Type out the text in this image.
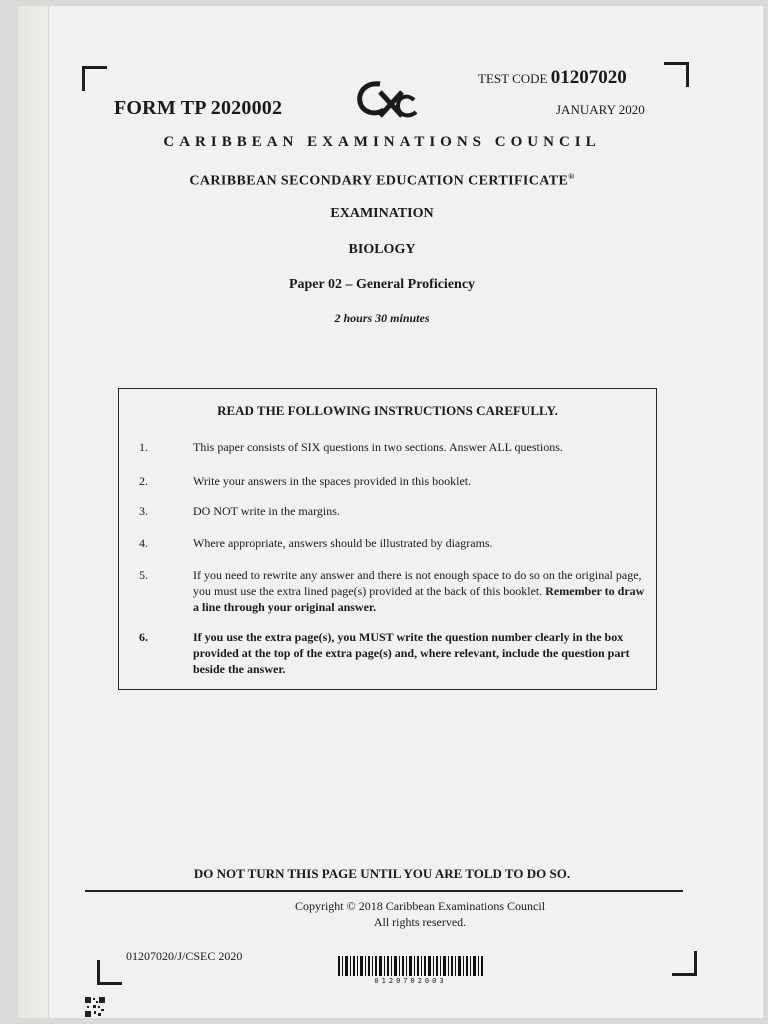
FORM TP 2020002
TEST CODE 01207020
JANUARY 2020
CARIBBEAN EXAMINATIONS COUNCIL
CARIBBEAN SECONDARY EDUCATION CERTIFICATE®
EXAMINATION
BIOLOGY
Paper 02 – General Proficiency
2 hours 30 minutes
READ THE FOLLOWING INSTRUCTIONS CAREFULLY.
1.	This paper consists of SIX questions in two sections. Answer ALL questions.
2.	Write your answers in the spaces provided in this booklet.
3.	DO NOT write in the margins.
4.	Where appropriate, answers should be illustrated by diagrams.
5.	If you need to rewrite any answer and there is not enough space to do so on the original page, you must use the extra lined page(s) provided at the back of this booklet. Remember to draw a line through your original answer.
6.	If you use the extra page(s), you MUST write the question number clearly in the box provided at the top of the extra page(s) and, where relevant, include the question part beside the answer.
DO NOT TURN THIS PAGE UNTIL YOU ARE TOLD TO DO SO.
Copyright © 2018 Caribbean Examinations Council
All rights reserved.
01207020/J/CSEC 2020
0120702003
